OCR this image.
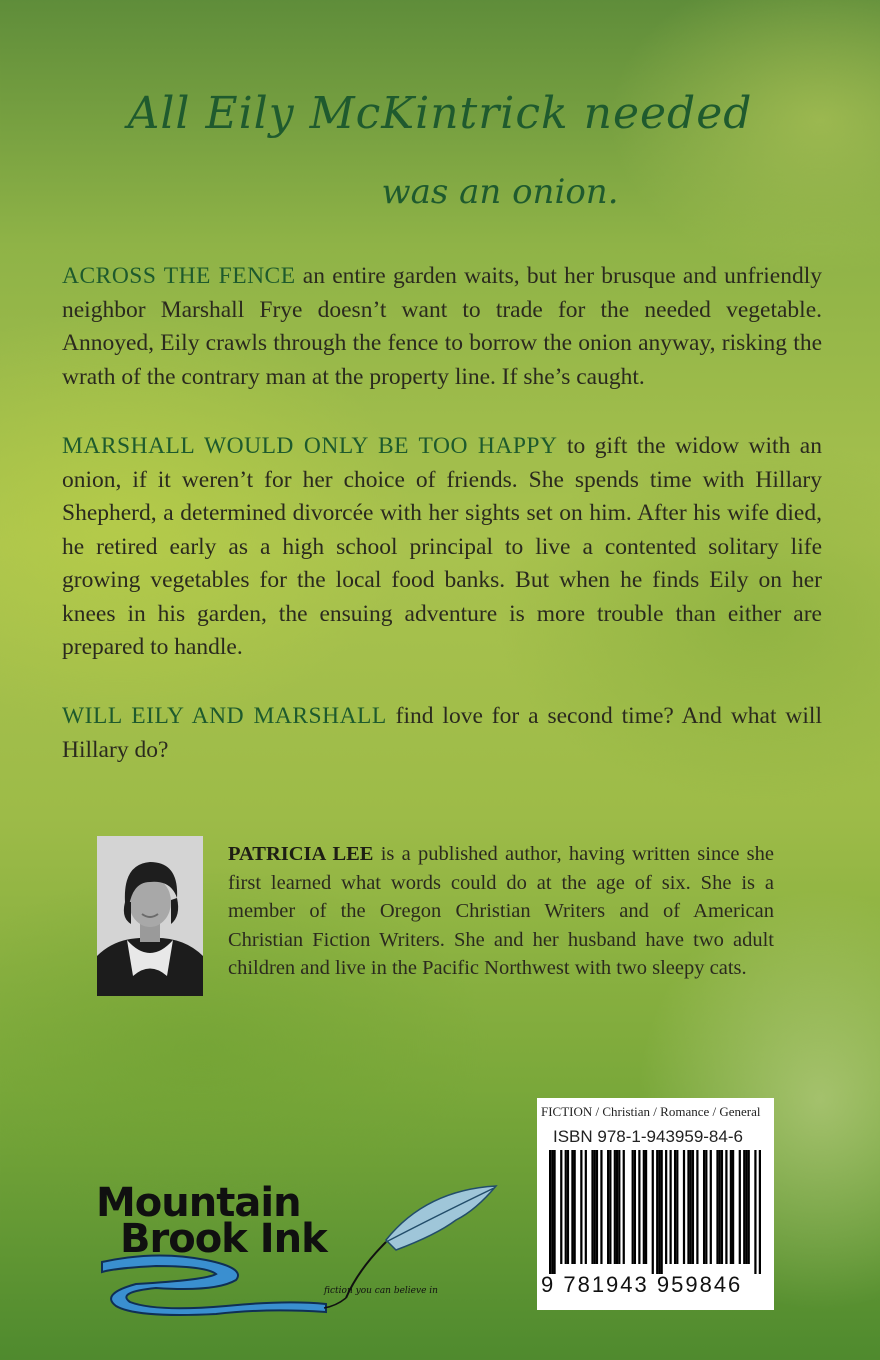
All Eily McKintrick needed
was an onion.

ACROSS THE FENCE an entire garden waits, but her brusque and unfriendly neighbor Marshall Frye doesn’t want to trade for the needed vegetable. Annoyed, Eily crawls through the fence to borrow the onion anyway, risking the wrath of the contrary man at the property line. If she’s caught.

MARSHALL WOULD ONLY BE TOO HAPPY to gift the widow with an onion, if it weren’t for her choice of friends. She spends time with Hillary Shepherd, a determined divorcée with her sights set on him. After his wife died, he retired early as a high school principal to live a contented solitary life growing vegetables for the local food banks. But when he finds Eily on her knees in his garden, the ensuing adventure is more trouble than either are prepared to handle.

WILL EILY AND MARSHALL find love for a second time? And what will Hillary do?

PATRICIA LEE is a published author, having written since she first learned what words could do at the age of six. She is a member of the Oregon Christian Writers and of American Christian Fiction Writers. She and her husband have two adult children and live in the Pacific Northwest with two sleepy cats.

FICTION / Christian / Romance / General
ISBN 978-1-943959-84-6
9 781943 959846
Mountain
Brook Ink
fiction you can believe in
